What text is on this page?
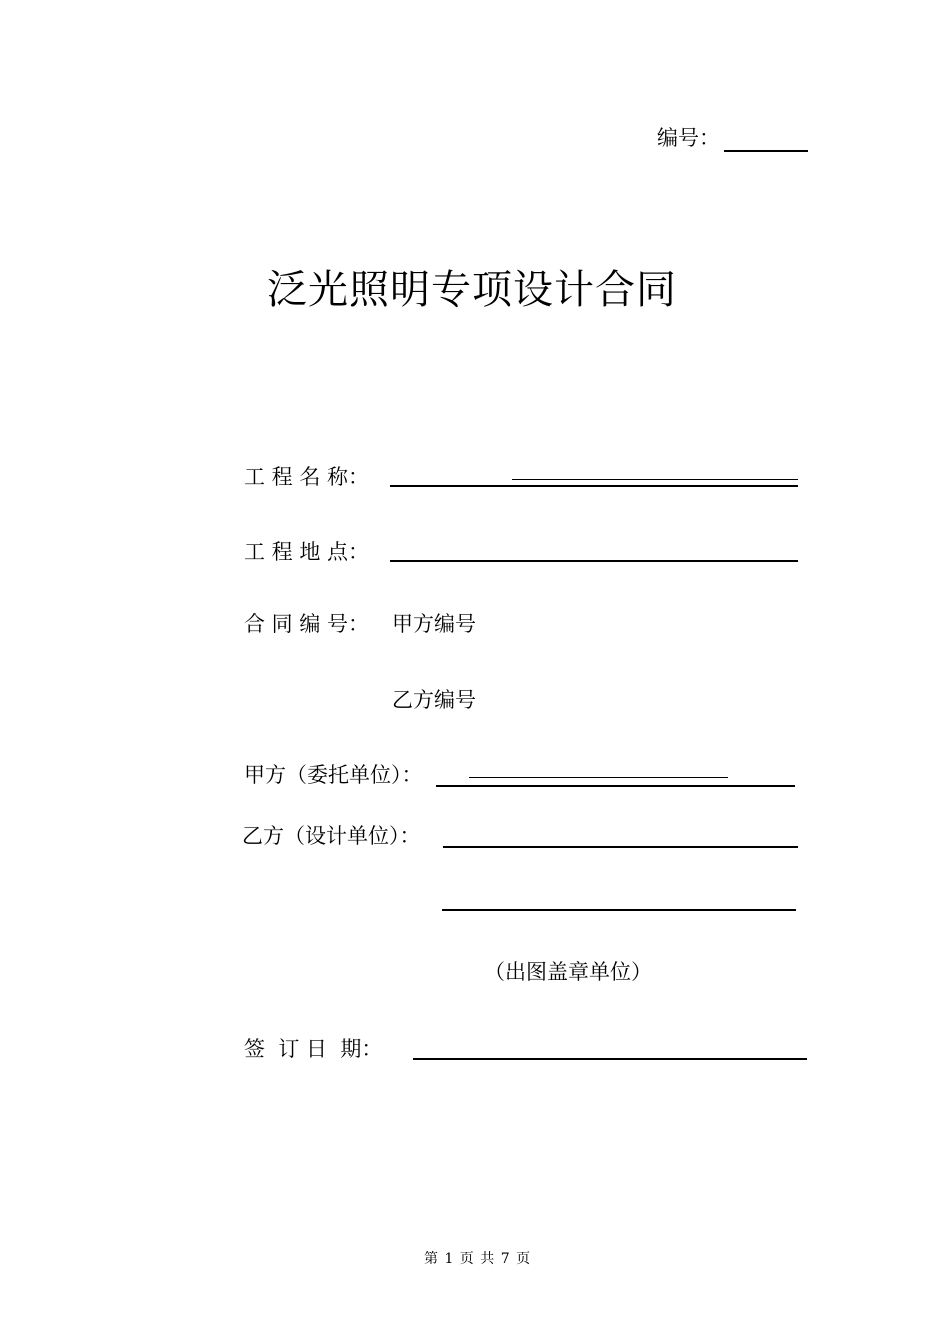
编号：
泛光照明专项设计合同
工 程 名 称：
工 程 地 点：
合 同 编 号： 甲方编号
乙方编号
甲方（委托单位）：
乙方（设计单位）：
（出图盖章单位）
签  订 日  期：
第 1 页 共 7 页
